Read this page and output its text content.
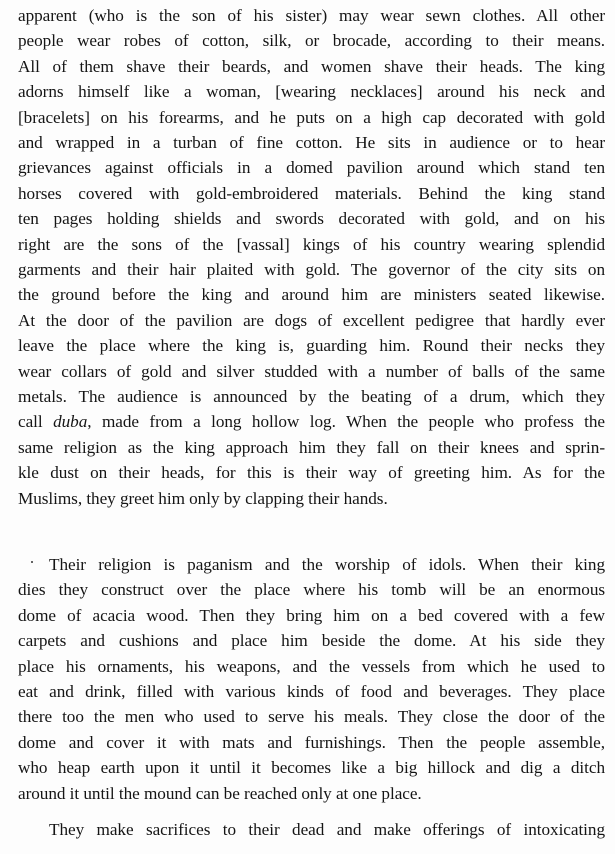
apparent (who is the son of his sister) may wear sewn clothes. All other
people wear robes of cotton, silk, or brocade, according to their means.
All of them shave their beards, and women shave their heads. The king
adorns himself like a woman, [wearing necklaces] around his neck and
[bracelets] on his forearms, and he puts on a high cap decorated with gold
and wrapped in a turban of fine cotton. He sits in audience or to hear
grievances against officials in a domed pavilion around which stand ten
horses covered with gold-embroidered materials. Behind the king stand
ten pages holding shields and swords decorated with gold, and on his
right are the sons of the [vassal] kings of his country wearing splendid
garments and their hair plaited with gold. The governor of the city sits on
the ground before the king and around him are ministers seated likewise.
At the door of the pavilion are dogs of excellent pedigree that hardly ever
leave the place where the king is, guarding him. Round their necks they
wear collars of gold and silver studded with a number of balls of the same
metals. The audience is announced by the beating of a drum, which they
call duba, made from a long hollow log. When the people who profess the
same religion as the king approach him they fall on their knees and sprin-
kle dust on their heads, for this is their way of greeting him. As for the
Muslims, they greet him only by clapping their hands.
Their religion is paganism and the worship of idols. When their king
dies they construct over the place where his tomb will be an enormous
dome of acacia wood. Then they bring him on a bed covered with a few
carpets and cushions and place him beside the dome. At his side they
place his ornaments, his weapons, and the vessels from which he used to
eat and drink, filled with various kinds of food and beverages. They place
there too the men who used to serve his meals. They close the door of the
dome and cover it with mats and furnishings. Then the people assemble,
who heap earth upon it until it becomes like a big hillock and dig a ditch
around it until the mound can be reached only at one place.
They make sacrifices to their dead and make offerings of intoxicating
